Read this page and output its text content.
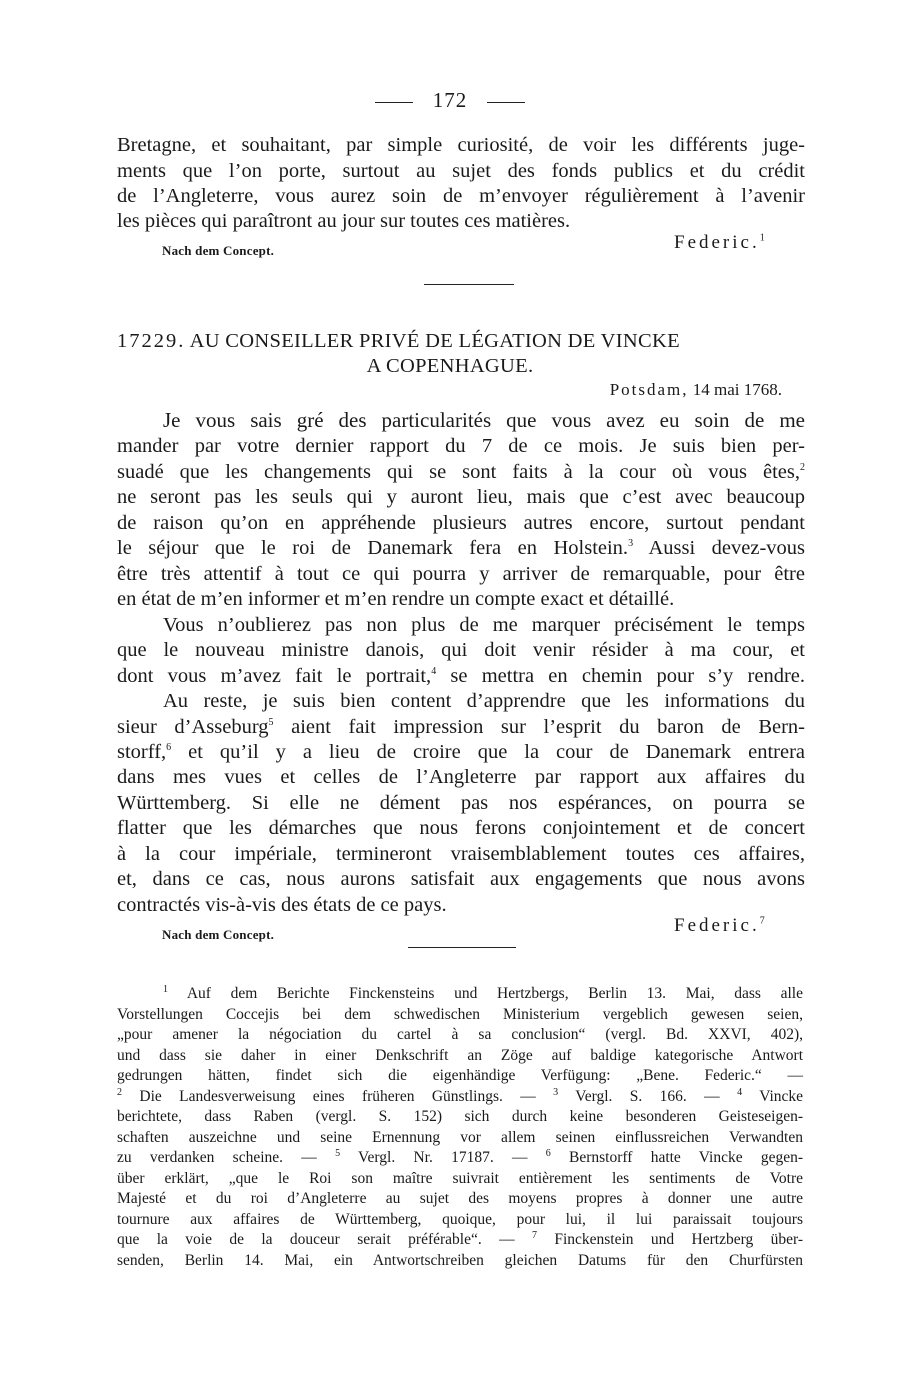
172
Bretagne, et souhaitant, par simple curiosité, de voir les différents juge-
ments que l’on porte, surtout au sujet des fonds publics et du crédit
de l’Angleterre, vous aurez soin de m’envoyer régulièrement à l’avenir
les pièces qui paraîtront au jour sur toutes ces matières.
Nach dem Concept.	Federic.$^1$
17229. AU CONSEILLER PRIVÉ DE LÉGATION DE VINCKE
A COPENHAGUE.
Potsdam, 14 mai 1768.
Je vous sais gré des particularités que vous avez eu soin de me
mander par votre dernier rapport du 7 de ce mois. Je suis bien per-
suadé que les changements qui se sont faits à la cour où vous êtes,$^2$
ne seront pas les seuls qui y auront lieu, mais que c’est avec beaucoup
de raison qu’on en appréhende plusieurs autres encore, surtout pendant
le séjour que le roi de Danemark fera en Holstein.$^3$ Aussi devez-vous
être très attentif à tout ce qui pourra y arriver de remarquable, pour être
en état de m’en informer et m’en rendre un compte exact et détaillé.
Vous n’oublierez pas non plus de me marquer précisément le temps
que le nouveau ministre danois, qui doit venir résider à ma cour, et
dont vous m’avez fait le portrait,$^4$ se mettra en chemin pour s’y rendre.
Au reste, je suis bien content d’apprendre que les informations du
sieur d’Asseburg$^5$ aient fait impression sur l’esprit du baron de Bern-
storff,$^6$ et qu’il y a lieu de croire que la cour de Danemark entrera
dans mes vues et celles de l’Angleterre par rapport aux affaires du
Württemberg. Si elle ne dément pas nos espérances, on pourra se
flatter que les démarches que nous ferons conjointement et de concert
à la cour impériale, termineront vraisemblablement toutes ces affaires,
et, dans ce cas, nous aurons satisfait aux engagements que nous avons
contractés vis-à-vis des états de ce pays.
Nach dem Concept.	Federic.$^7$
$^1$ Auf dem Berichte Finckensteins und Hertzbergs, Berlin 13. Mai, dass alle
Vorstellungen Coccejis bei dem schwedischen Ministerium vergeblich gewesen seien,
„pour amener la négociation du cartel à sa conclusion“ (vergl. Bd. XXVI, 402),
und dass sie daher in einer Denkschrift an Zöge auf baldige kategorische Antwort
gedrungen hätten, findet sich die eigenhändige Verfügung: „Bene. Federic.“ —
$^2$ Die Landesverweisung eines früheren Günstlings. — $^3$ Vergl. S. 166. — $^4$ Vincke
berichtete, dass Raben (vergl. S. 152) sich durch keine besonderen Geisteseigen-
schaften auszeichne und seine Ernennung vor allem seinen einflussreichen Verwandten
zu verdanken scheine. — $^5$ Vergl. Nr. 17187. — $^6$ Bernstorff hatte Vincke gegen-
über erklärt, „que le Roi son maître suivrait entièrement les sentiments de Votre
Majesté et du roi d’Angleterre au sujet des moyens propres à donner une autre
tournure aux affaires de Württemberg, quoique, pour lui, il lui paraissait toujours
que la voie de la douceur serait préférable“. — $^7$ Finckenstein und Hertzberg über-
senden, Berlin 14. Mai, ein Antwortschreiben gleichen Datums für den Churfürsten
